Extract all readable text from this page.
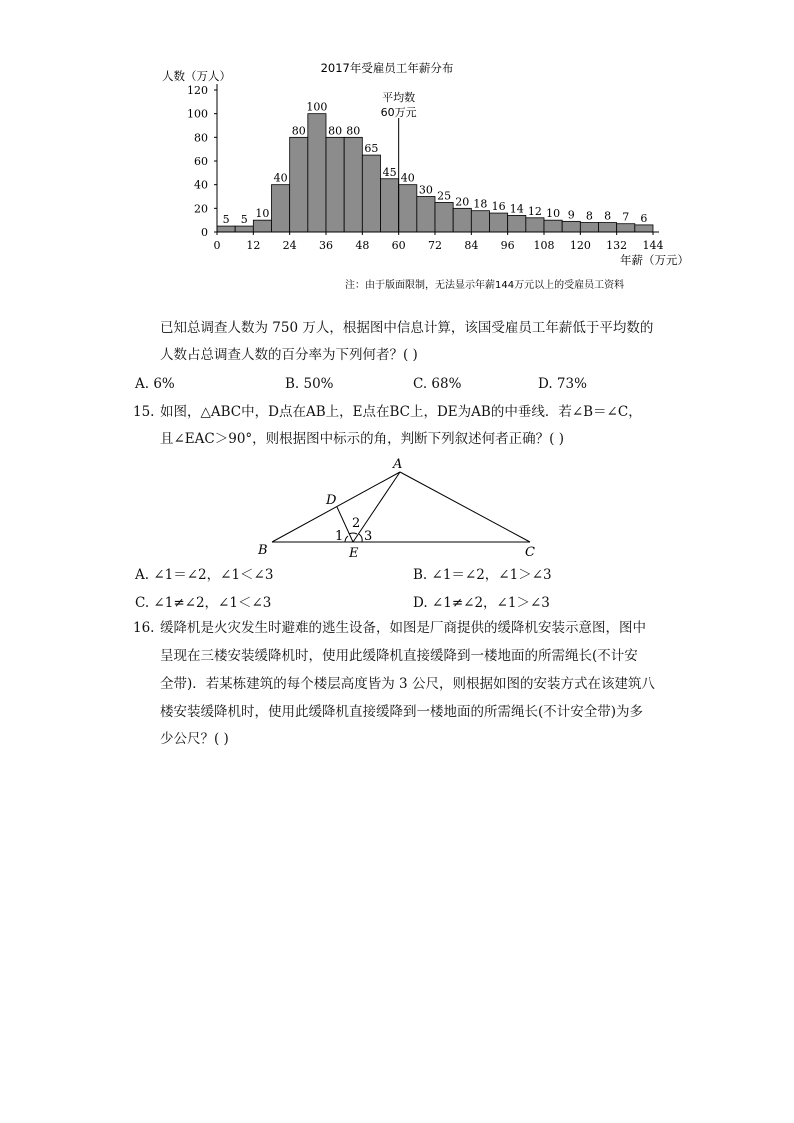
2017年受雇员工年薪分布
人数（万人）
年薪（万元）
注：由于版面限制，无法显示年薪144万元以上的受雇员工资料
5 5 10
40
80
100
80 80
65
45 40
30 25 20 18 16 14 12 10 9 8 8 7 6
0
20
40
60
80
100
120
0 12 24 36 48 60 72 84 96 108 120 132 144
平均数
60万元
已知总调查人数为 750 万人，根据图中信息计算，该国受雇员工年薪低于平均数的
人数占总调查人数的百分率为下列何者？( )
A. 6%	B. 50%	C. 68%	D. 73%
15. 如图，△ABC中，D点在AB上，E点在BC上，DE为AB的中垂线．若∠B＝∠C，
且∠EAC＞90°，则根据图中标示的角，判断下列叙述何者正确？( )
A
B	C
D
E
1
2
3
A. ∠1＝∠2，∠1＜∠3	B. ∠1＝∠2，∠1＞∠3
C. ∠1≠∠2，∠1＜∠3	D. ∠1≠∠2，∠1＞∠3
16. 缓降机是火灾发生时避难的逃生设备，如图是厂商提供的缓降机安装示意图，图中
呈现在三楼安装缓降机时，使用此缓降机直接缓降到一楼地面的所需绳长(不计安
全带)．若某栋建筑的每个楼层高度皆为 3 公尺，则根据如图的安装方式在该建筑八
楼安装缓降机时，使用此缓降机直接缓降到一楼地面的所需绳长(不计安全带)为多
少公尺？( )
